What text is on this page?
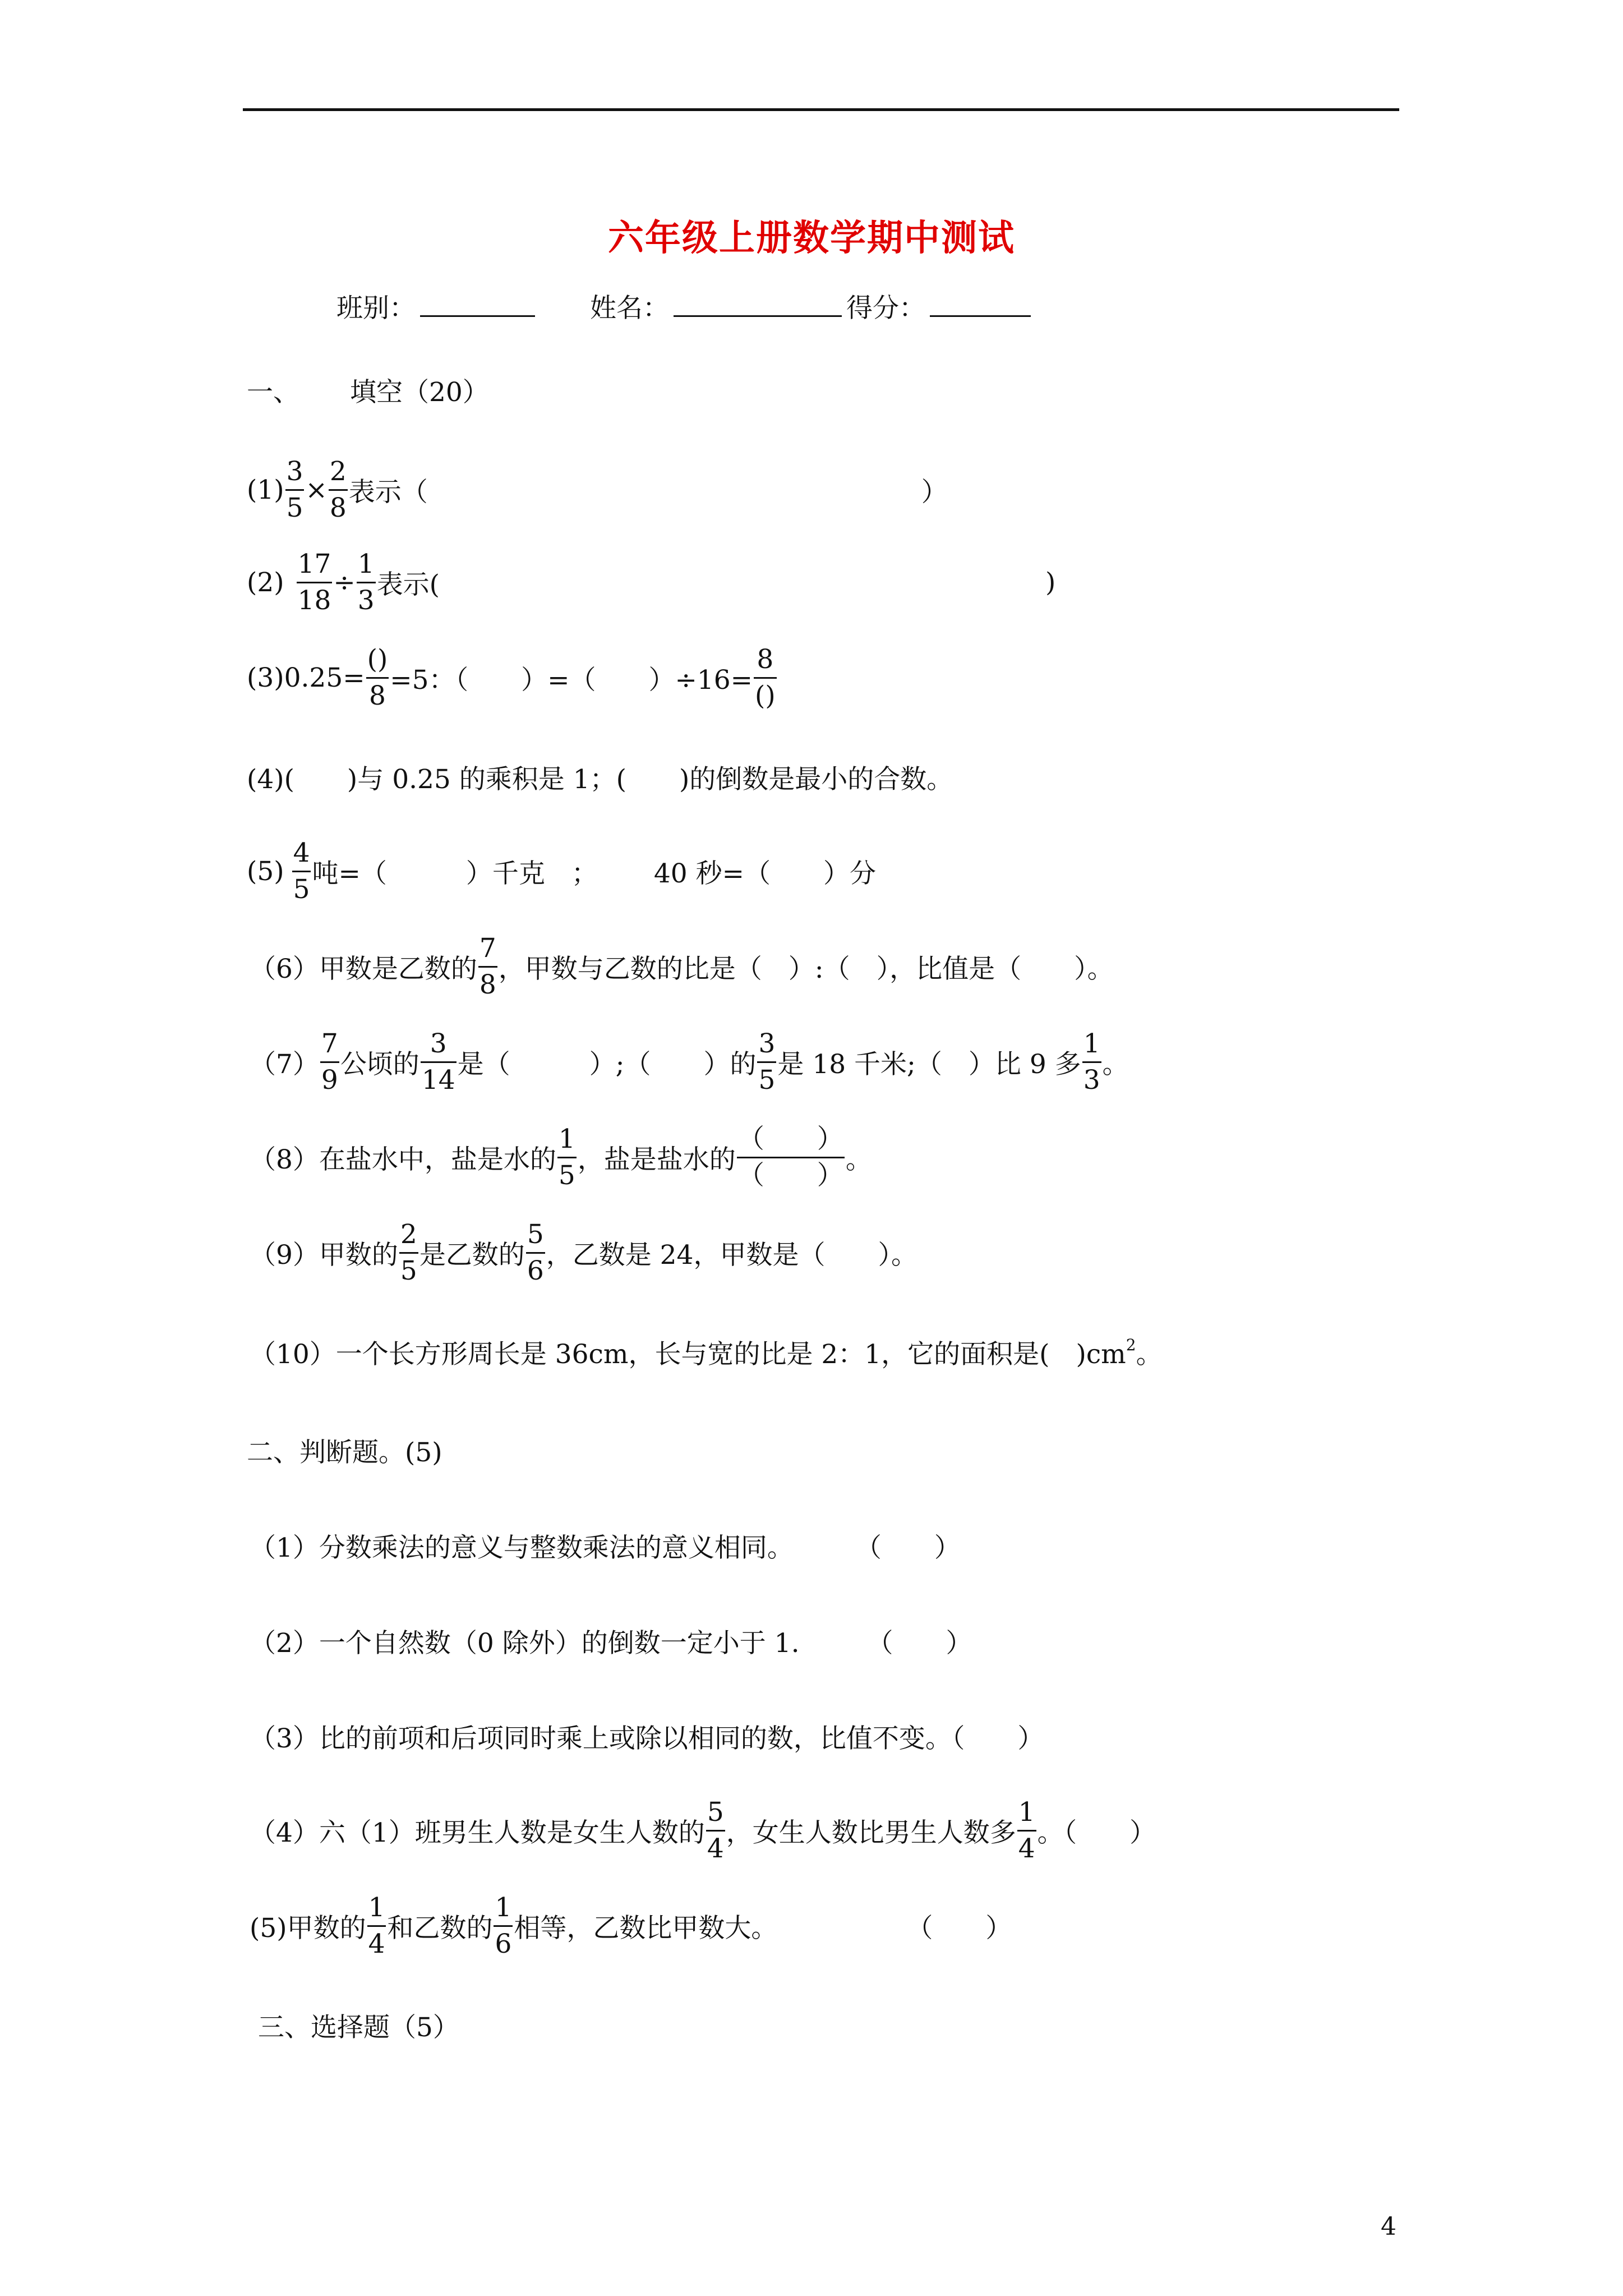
六年级上册数学期中测试
班别：	姓名：	得分：
一、 填空（20）
$(1) \frac{3}{5} \times \frac{2}{8}$ 表示（	）
$(2) \frac{17}{18} \div \frac{1}{3}$ 表示(	)
$(3)0.25= \frac{()}{8} =5$：（　　）=（　　）$\div 16= \frac{8}{()}$
(4)(　　)与 0.25 的乘积是 1；(　　)的倒数是最小的合数。
$(5) \frac{4}{5}$ 吨=（　　　）千克　； 40 秒=（　　）分
（6）甲数是乙数的 $\frac{7}{8}$ ，甲数与乙数的比是（　）:（　），比值是（　　）。
$(7) \frac{7}{9}$ 公顷的 $\frac{3}{14}$ 是（　　　）;（　　）的 $\frac{3}{5}$ 是 18 千米;（　）比 9 多 $\frac{1}{3}$ 。
（8）在盐水中，盐是水的 $\frac{1}{5}$ ，盐是盐水的 $\frac{( )}{( )}$ 。
（9）甲数的 $\frac{2}{5}$ 是乙数的 $\frac{5}{6}$ ，乙数是 24，甲数是（　　）。
（10）一个长方形周长是 36cm，长与宽的比是 2：1，它的面积是(　)$cm^2$。
二、判断题。(5)
（1）分数乘法的意义与整数乘法的意义相同。 （　　）
（2）一个自然数（0 除外）的倒数一定小于 1.	（　　）
（3）比的前项和后项同时乘上或除以相同的数，比值不变。（　　）
（4）六（1）班男生人数是女生人数的 $\frac{5}{4}$ ，女生人数比男生人数多 $\frac{1}{4}$ 。（　　）
(5)甲数的 $\frac{1}{4}$ 和乙数的 $\frac{1}{6}$ 相等，乙数比甲数大。	（　　）
三、选择题（5）
4
